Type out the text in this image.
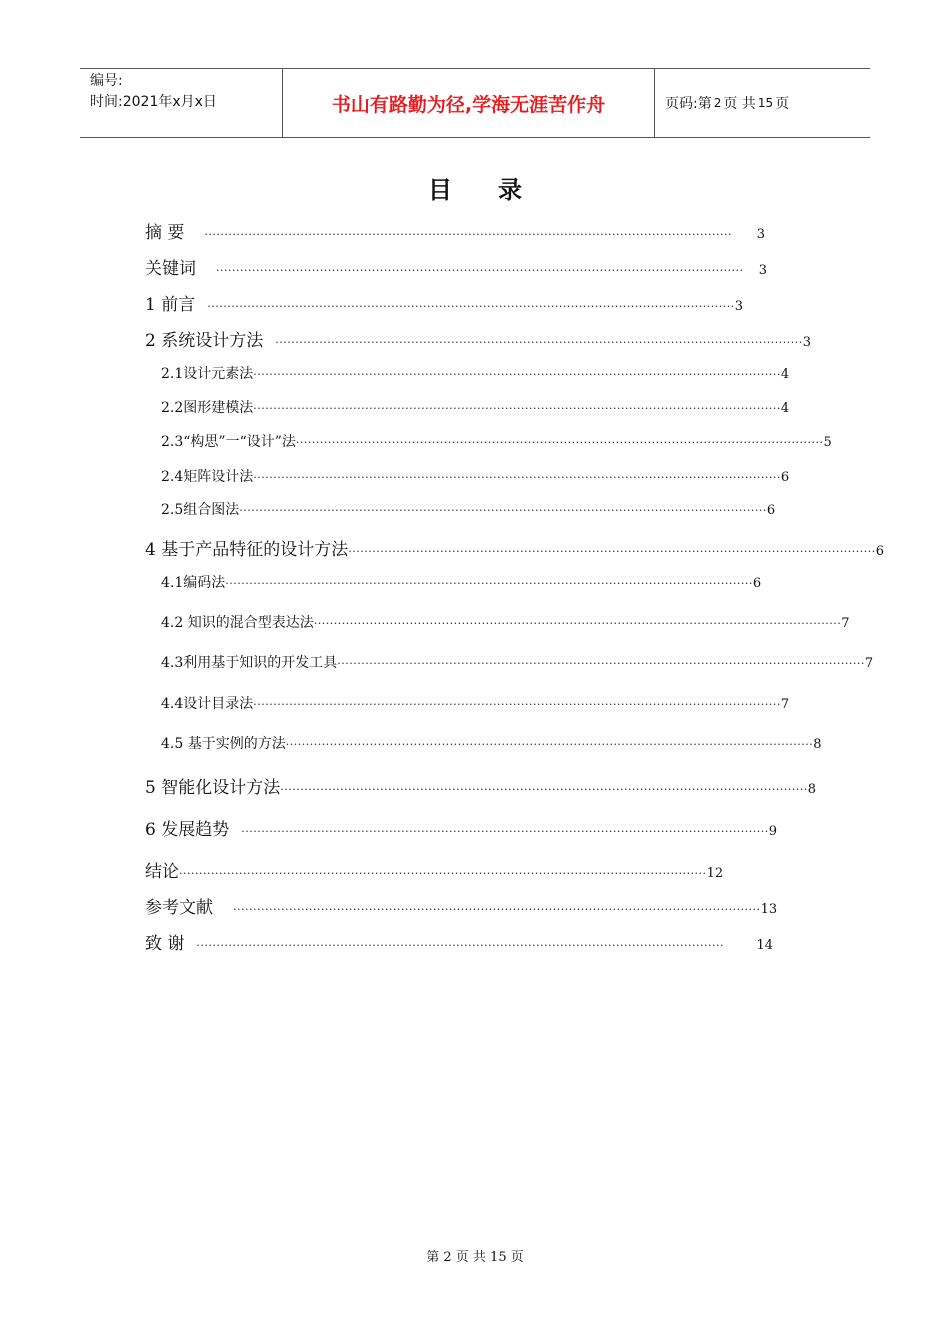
编号:
时间:2021年x月x日	书山有路勤为径,学海无涯苦作舟	页码:第 2 页 共 15 页
目 录
摘 要 ····································································································································	3
关键词 ····································································································································	3
1 前言 ···································································································································· 3
2 系统设计方法 ···································································································································· 3
2.1设计元素法 ···································································································································· 4
2.2图形建模法 ···································································································································· 4
2.3“构思”一“设计”法 ···································································································································· 5
2.4矩阵设计法 ···································································································································· 6
2.5组合图法 ···································································································································· 6
4 基于产品特征的设计方法 ···································································································································· 6
4.1编码法 ···································································································································· 6
4.2 知识的混合型表达法 ···································································································································· 7
4.3利用基于知识的开发工具 ···································································································································· 7
4.4设计目录法 ···································································································································· 7
4.5 基于实例的方法 ···································································································································· 8
5 智能化设计方法 ···································································································································· 8
6 发展趋势 ···································································································································· 9
结论 ···································································································································· 12
参考文献 ···································································································································· 13
致 谢 ····································································································································	14
第 2 页 共 15 页
